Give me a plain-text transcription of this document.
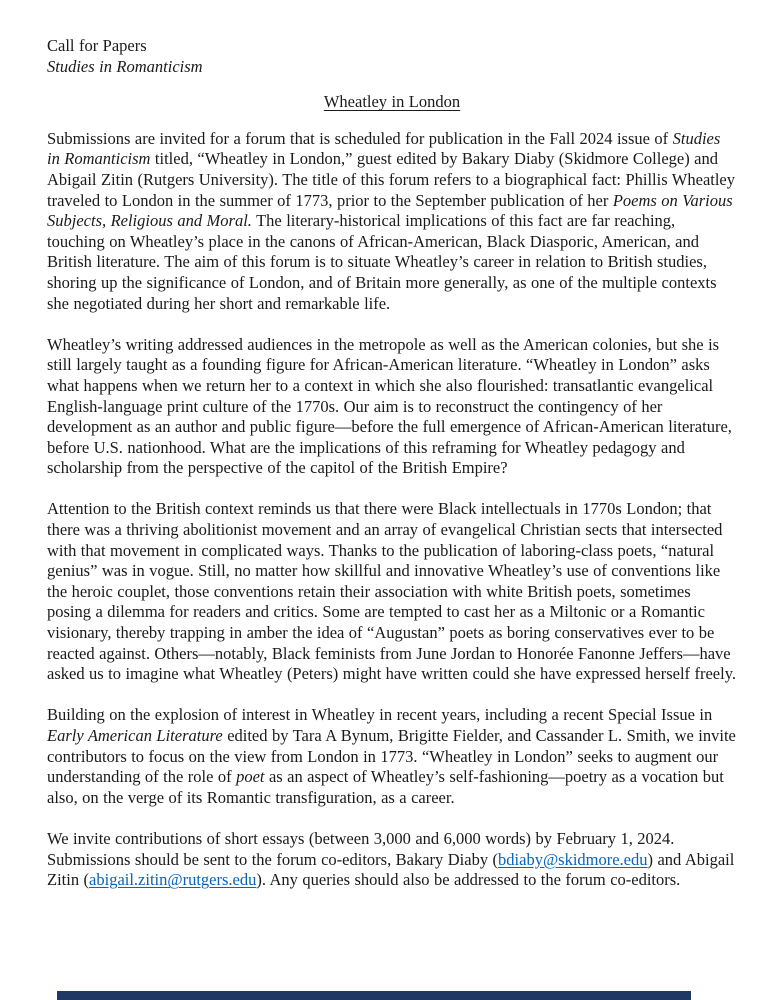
Call for Papers
Studies in Romanticism
Wheatley in London

Submissions are invited for a forum that is scheduled for publication in the Fall 2024 issue of Studies in Romanticism titled, “Wheatley in London,” guest edited by Bakary Diaby (Skidmore College) and Abigail Zitin (Rutgers University). The title of this forum refers to a biographical fact: Phillis Wheatley traveled to London in the summer of 1773, prior to the September publication of her Poems on Various Subjects, Religious and Moral. The literary-historical implications of this fact are far reaching, touching on Wheatley’s place in the canons of African-American, Black Diasporic, American, and British literature. The aim of this forum is to situate Wheatley’s career in relation to British studies, shoring up the significance of London, and of Britain more generally, as one of the multiple contexts she negotiated during her short and remarkable life.

Wheatley’s writing addressed audiences in the metropole as well as the American colonies, but she is still largely taught as a founding figure for African-American literature. “Wheatley in London” asks what happens when we return her to a context in which she also flourished: transatlantic evangelical English-language print culture of the 1770s. Our aim is to reconstruct the contingency of her development as an author and public figure—before the full emergence of African-American literature, before U.S. nationhood. What are the implications of this reframing for Wheatley pedagogy and scholarship from the perspective of the capitol of the British Empire?

Attention to the British context reminds us that there were Black intellectuals in 1770s London; that there was a thriving abolitionist movement and an array of evangelical Christian sects that intersected with that movement in complicated ways. Thanks to the publication of laboring-class poets, “natural genius” was in vogue. Still, no matter how skillful and innovative Wheatley’s use of conventions like the heroic couplet, those conventions retain their association with white British poets, sometimes posing a dilemma for readers and critics. Some are tempted to cast her as a Miltonic or a Romantic visionary, thereby trapping in amber the idea of “Augustan” poets as boring conservatives ever to be reacted against. Others—notably, Black feminists from June Jordan to Honorée Fanonne Jeffers—have asked us to imagine what Wheatley (Peters) might have written could she have expressed herself freely.

Building on the explosion of interest in Wheatley in recent years, including a recent Special Issue in Early American Literature edited by Tara A Bynum, Brigitte Fielder, and Cassander L. Smith, we invite contributors to focus on the view from London in 1773. “Wheatley in London” seeks to augment our understanding of the role of poet as an aspect of Wheatley’s self-fashioning—poetry as a vocation but also, on the verge of its Romantic transfiguration, as a career.

We invite contributions of short essays (between 3,000 and 6,000 words) by February 1, 2024. Submissions should be sent to the forum co-editors, Bakary Diaby (bdiaby@skidmore.edu) and Abigail Zitin (abigail.zitin@rutgers.edu). Any queries should also be addressed to the forum co-editors.
